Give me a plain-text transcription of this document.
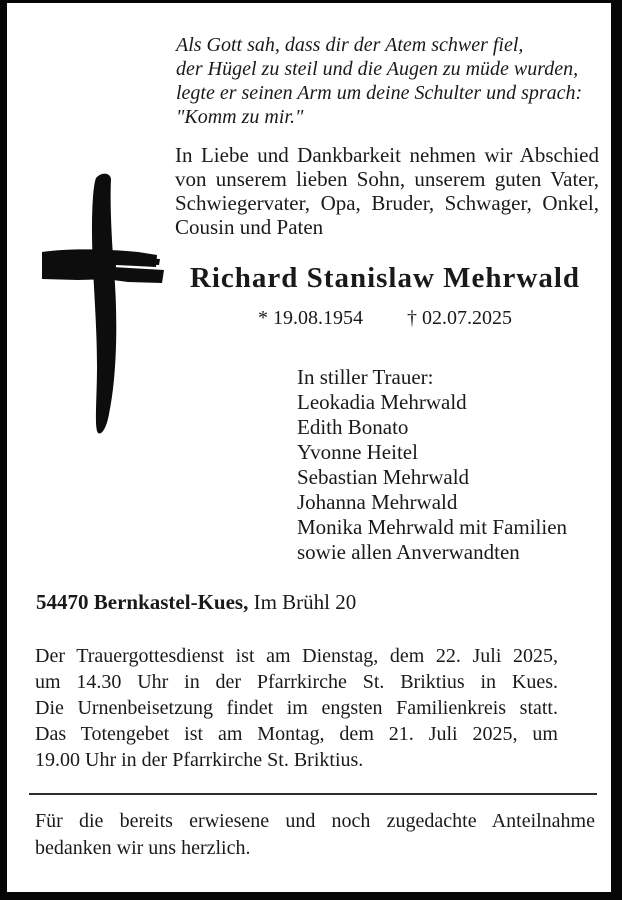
Als Gott sah, dass dir der Atem schwer fiel,
der Hügel zu steil und die Augen zu müde wurden,
legte er seinen Arm um deine Schulter und sprach:
"Komm zu mir."
In Liebe und Dankbarkeit nehmen wir Abschied
von unserem lieben Sohn, unserem guten Vater,
Schwiegervater, Opa, Bruder, Schwager, Onkel,
Cousin und Paten
Richard Stanislaw Mehrwald
* 19.08.1954 † 02.07.2025
In stiller Trauer:
Leokadia Mehrwald
Edith Bonato
Yvonne Heitel
Sebastian Mehrwald
Johanna Mehrwald
Monika Mehrwald mit Familien
sowie allen Anverwandten
54470 Bernkastel-Kues, Im Brühl 20
Der Trauergottesdienst ist am Dienstag, dem 22. Juli 2025,
um 14.30 Uhr in der Pfarrkirche St. Briktius in Kues.
Die Urnenbeisetzung findet im engsten Familienkreis statt.
Das Totengebet ist am Montag, dem 21. Juli 2025, um
19.00 Uhr in der Pfarrkirche St. Briktius.
Für die bereits erwiesene und noch zugedachte Anteilnahme
bedanken wir uns herzlich.
